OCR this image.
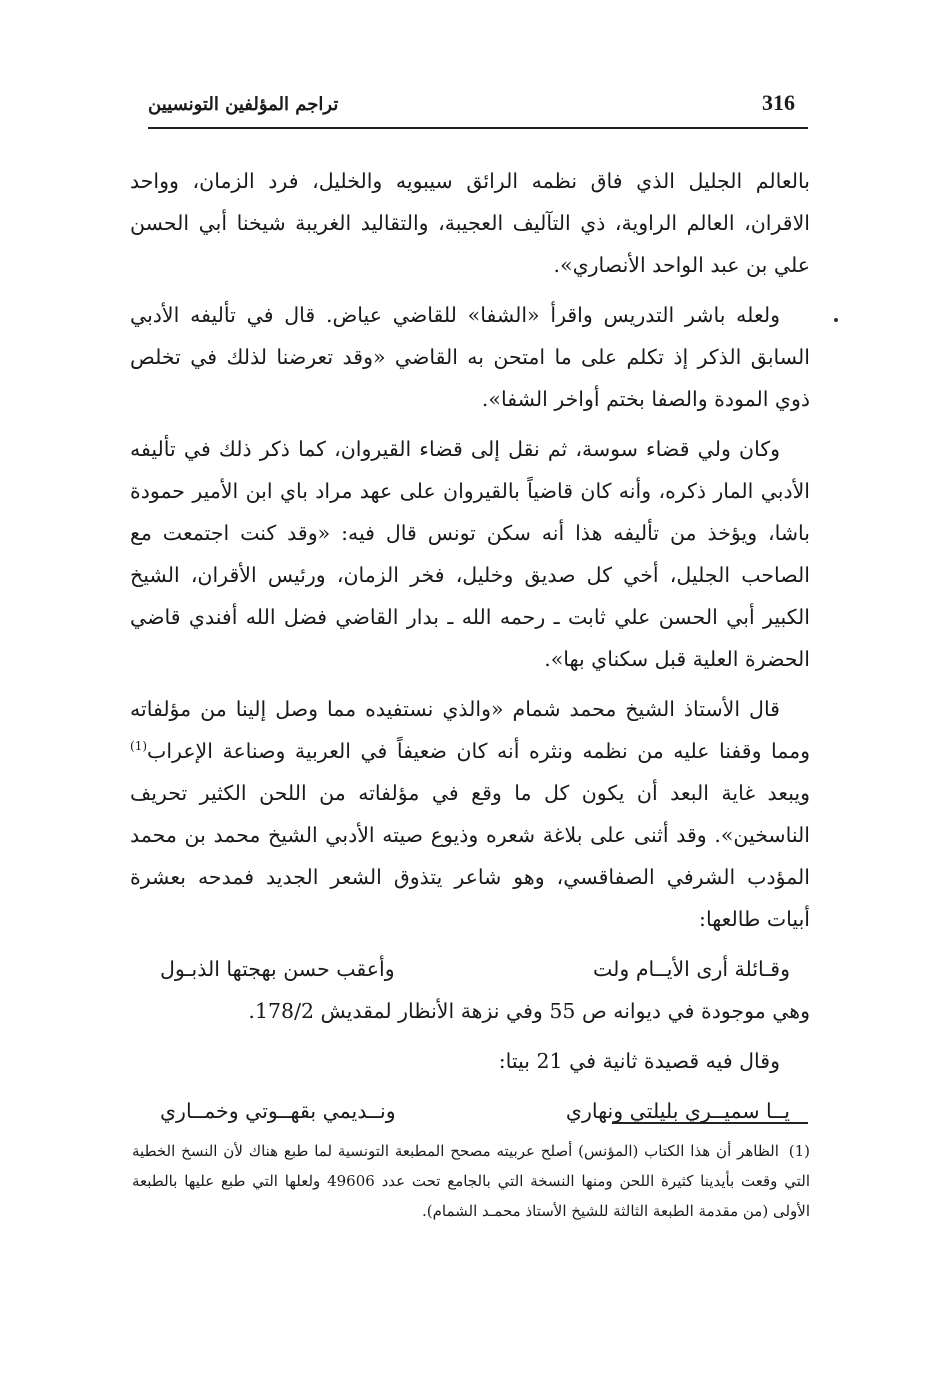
316
تراجم المؤلفين التونسيين

بالعالم الجليل الذي فاق نظمه الرائق سيبويه والخليل، فرد الزمان، وواحد الاقران، العالم الراوية، ذي التآليف العجيبة، والتقاليد الغريبة شيخنا أبي الحسن علي بن عبد الواحد الأنصاري».

ولعله باشر التدريس واقرأ «الشفا» للقاضي عياض. قال في تأليفه الأدبي السابق الذكر إذ تكلم على ما امتحن به القاضي «وقد تعرضنا لذلك في تخلص ذوي المودة والصفا بختم أواخر الشفا».

وكان ولي قضاء سوسة، ثم نقل إلى قضاء القيروان، كما ذكر ذلك في تأليفه الأدبي المار ذكره، وأنه كان قاضياً بالقيروان على عهد مراد باي ابن الأمير حمودة باشا، ويؤخذ من تأليفه هذا أنه سكن تونس قال فيه: «وقد كنت اجتمعت مع الصاحب الجليل، أخي كل صديق وخليل، فخر الزمان، ورئيس الأقران، الشيخ الكبير أبي الحسن علي ثابت ـ رحمه الله ـ بدار القاضي فضل الله أفندي قاضي الحضرة العلية قبل سكناي بها».

قال الأستاذ الشيخ محمد شمام «والذي نستفيده مما وصل إلينا من مؤلفاته ومما وقفنا عليه من نظمه ونثره أنه كان ضعيفاً في العربية وصناعة الإعراب$^{(1)}$ ويبعد غاية البعد أن يكون كل ما وقع في مؤلفاته من اللحن الكثير تحريف الناسخين». وقد أثنى على بلاغة شعره وذيوع صيته الأدبي الشيخ محمد بن محمد المؤدب الشرفي الصفاقسي، وهو شاعر يتذوق الشعر الجديد فمدحه بعشرة أبيات طالعها:

وقـائلة أرى الأيــام ولت
وأعقب حسن بهجتها الذبـول

وهي موجودة في ديوانه ص 55 وفي نزهة الأنظار لمقديش 178/2.

وقال فيه قصيدة ثانية في 21 بيتا:

يــا سميــري بليلتي ونهاري
ونــديمي بقهــوتي وخمــاري
(1) الظاهر أن هذا الكتاب (المؤنس) أصلح عربيته مصحح المطبعة التونسية لما طبع هناك لأن النسخ الخطية التي وقعت بأيدينا كثيرة اللحن ومنها النسخة التي بالجامع تحت عدد 49606 ولعلها التي طبع عليها بالطبعة الأولى (من مقدمة الطبعة الثالثة للشيخ الأستاذ محمـد الشمام).
